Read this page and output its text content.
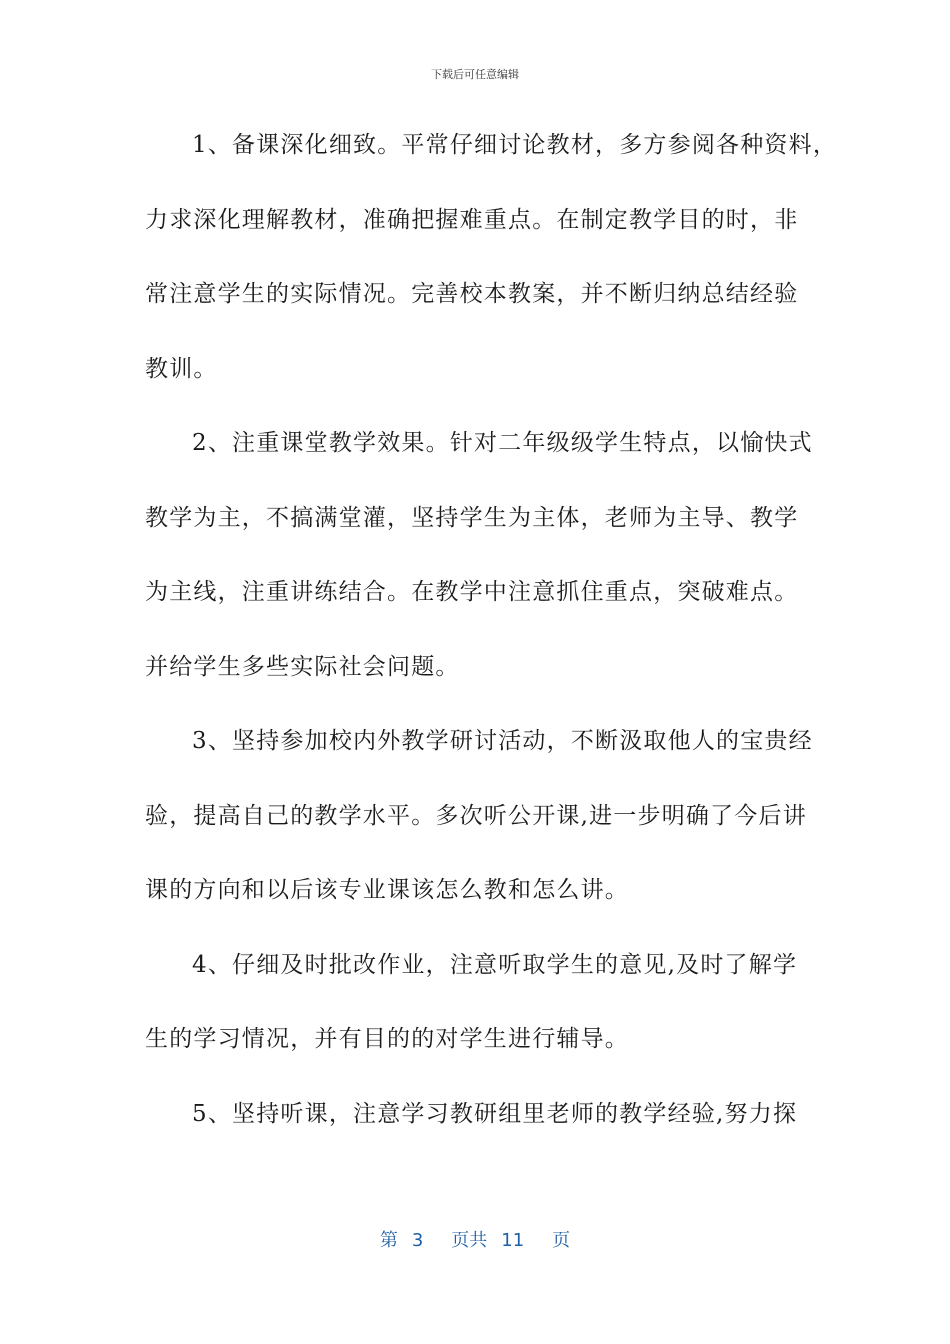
下载后可任意编辑
1、备课深化细致。平常仔细讨论教材，多方参阅各种资料，
力求深化理解教材，准确把握难重点。在制定教学目的时，非
常注意学生的实际情况。完善校本教案，并不断归纳总结经验
教训。
2、注重课堂教学效果。针对二年级级学生特点，以愉快式
教学为主，不搞满堂灌，坚持学生为主体，老师为主导、教学
为主线，注重讲练结合。在教学中注意抓住重点，突破难点。
并给学生多些实际社会问题。
3、坚持参加校内外教学研讨活动，不断汲取他人的宝贵经
验，提高自己的教学水平。多次听公开课,进一步明确了今后讲
课的方向和以后该专业课该怎么教和怎么讲。
4、仔细及时批改作业，注意听取学生的意见,及时了解学
生的学习情况，并有目的的对学生进行辅导。
5、坚持听课，注意学习教研组里老师的教学经验,努力探
第 3 页共 11 页
